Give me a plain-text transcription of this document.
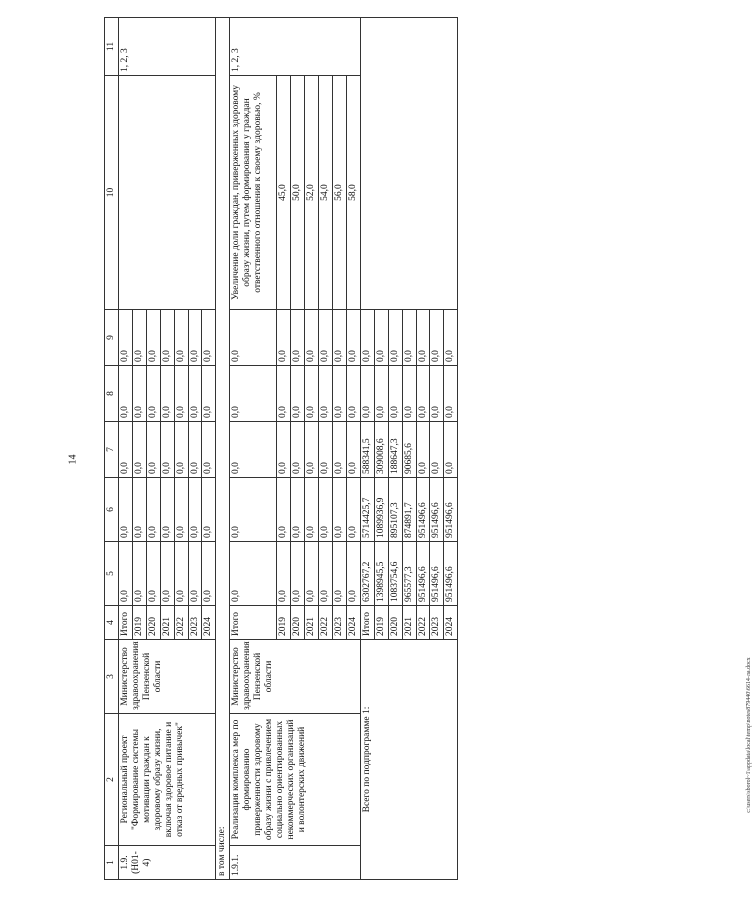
14
c:\users\sborol~1\appdata\local\temp\notes879440\6614-ла.docx
1	2	3	4	5	6	7	8	9	10	11

1.9. (Н01-4)	Региональный проект "Формирование системы мотивации граждан к здоровому образу жизни, включая здоровое питание и отказ от вредных привычек"	Министерство здравоохранения Пензенской области	Итого	0,0	0,0	0,0	0,0	0,0		1, 2, 3
			2019	0,0	0,0	0,0	0,0	0,0		
			2020	0,0	0,0	0,0	0,0	0,0		
			2021	0,0	0,0	0,0	0,0	0,0		
			2022	0,0	0,0	0,0	0,0	0,0		
			2023	0,0	0,0	0,0	0,0	0,0		
			2024	0,0	0,0	0,0	0,0	0,0		
в том числе:										
1.9.1.	Реализация комплекса мер по формированию приверженности здоровому образу жизни с привлечением социально ориентированных некоммерческих организаций и волонтерских движений	Министерство здравоохранения Пензенской области	Итого	0,0	0,0	0,0	0,0	0,0	Увеличение доли граждан, приверженных здоровому образу жизни, путем формирования у граждан ответственного отношения к своему здоровью, %	1, 2, 3
			2019	0,0	0,0	0,0	0,0	0,0	45,0	
			2020	0,0	0,0	0,0	0,0	0,0	50,0	
			2021	0,0	0,0	0,0	0,0	0,0	52,0	
			2022	0,0	0,0	0,0	0,0	0,0	54,0	
			2023	0,0	0,0	0,0	0,0	0,0	56,0	
			2024	0,0	0,0	0,0	0,0	0,0	58,0	
Всего по подпрограмме 1:			Итого	6302767,2	5714425,7	588341,5	0,0	0,0		
			2019	1398945,5	1089936,9	309008,6	0,0	0,0		
			2020	1083754,6	895107,3	188647,3	0,0	0,0		
			2021	965577,3	874891,7	90685,6	0,0	0,0		
			2022	951496,6	951496,6	0,0	0,0	0,0		
			2023	951496,6	951496,6	0,0	0,0	0,0		
			2024	951496,6	951496,6	0,0	0,0	0,0		
